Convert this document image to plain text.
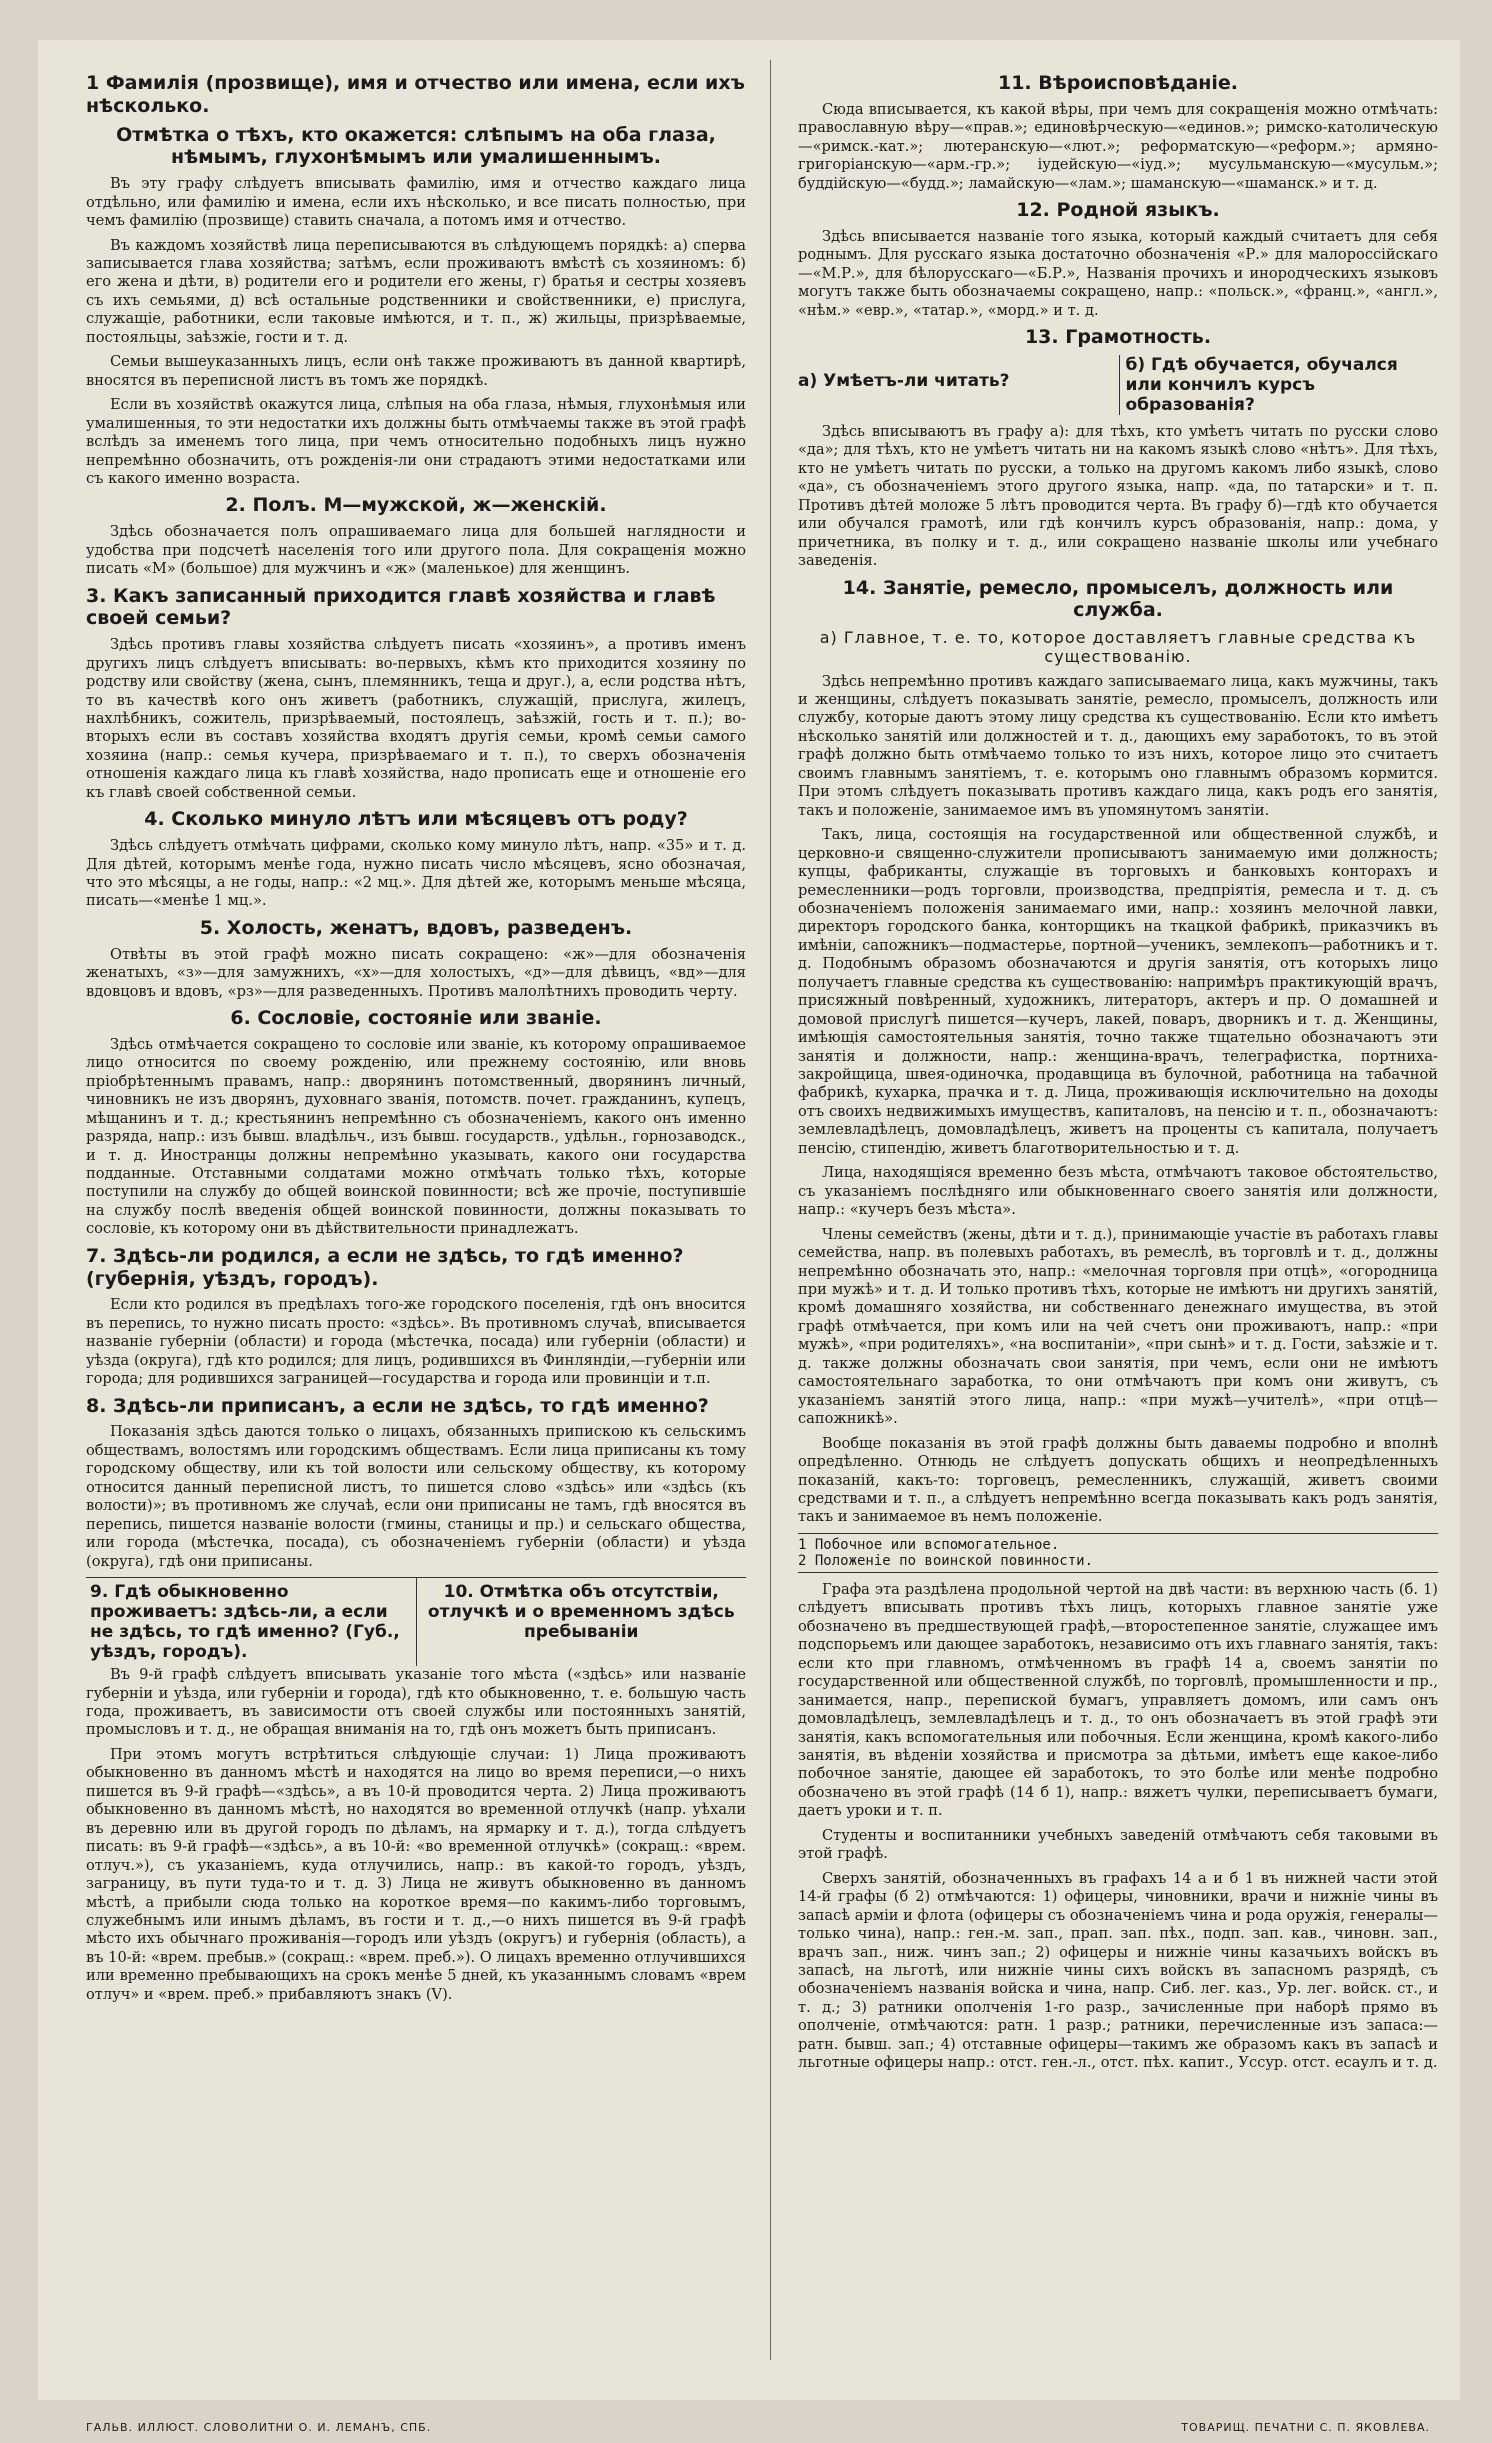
1 Фамилія (прозвище), имя и отчество или имена, если ихъ нѣсколько.
Отмѣтка о тѣхъ, кто окажется: слѣпымъ на оба глаза, нѣмымъ, глухонѣмымъ или умалишеннымъ.

Въ эту графу слѣдуетъ вписывать фамилію, имя и отчество каждаго лица отдѣльно, или фамилію и имена, если ихъ нѣсколько, и все писать полностью, при чемъ фамилію (прозвище) ставить сначала, а потомъ имя и отчество.

Въ каждомъ хозяйствѣ лица переписываются въ слѣдующемъ порядкѣ: а) сперва записывается глава хозяйства; затѣмъ, если проживаютъ вмѣстѣ съ хозяиномъ: б) его жена и дѣти, в) родители его и родители его жены, г) братья и сестры хозяевъ съ ихъ семьями, д) всѣ остальные родственники и свойственники, е) прислуга, служащіе, работники, если таковые имѣются, и т. п., ж) жильцы, призрѣваемые, постояльцы, заѣзжіе, гости и т. д.

Семьи вышеуказанныхъ лицъ, если онѣ также проживаютъ въ данной квартирѣ, вносятся въ переписной листъ въ томъ же порядкѣ.

Если въ хозяйствѣ окажутся лица, слѣпыя на оба глаза, нѣмыя, глухонѣмыя или умалишенныя, то эти недостатки ихъ должны быть отмѣчаемы также въ этой графѣ вслѣдъ за именемъ того лица, при чемъ относительно подобныхъ лицъ нужно непремѣнно обозначить, отъ рожденія-ли они страдаютъ этими недостатками или съ какого именно возраста.

2. Полъ. М—мужской, ж—женскій.

Здѣсь обозначается полъ опрашиваемаго лица для большей наглядности и удобства при подсчетѣ населенія того или другого пола. Для сокращенія можно писать «М» (большое) для мужчинъ и «ж» (маленькое) для женщинъ.

3. Какъ записанный приходится главѣ хозяйства и главѣ своей семьи?

Здѣсь противъ главы хозяйства слѣдуетъ писать «хозяинъ», а противъ именъ другихъ лицъ слѣдуетъ вписывать: во-первыхъ, кѣмъ кто приходится хозяину по родству или свойству (жена, сынъ, племянникъ, теща и друг.), а, если родства нѣтъ, то въ качествѣ кого онъ живетъ (работникъ, служащій, прислуга, жилецъ, нахлѣбникъ, сожитель, призрѣваемый, постоялецъ, заѣзжій, гость и т. п.); во-вторыхъ если въ составъ хозяйства входятъ другія семьи, кромѣ семьи самого хозяина (напр.: семья кучера, призрѣваемаго и т. п.), то сверхъ обозначенія отношенія каждаго лица къ главѣ хозяйства, надо прописать еще и отношеніе его къ главѣ своей собственной семьи.

4. Сколько минуло лѣтъ или мѣсяцевъ отъ роду?

Здѣсь слѣдуетъ отмѣчать цифрами, сколько кому минуло лѣтъ, напр. «35» и т. д. Для дѣтей, которымъ менѣе года, нужно писать число мѣсяцевъ, ясно обозначая, что это мѣсяцы, а не годы, напр.: «2 мц.». Для дѣтей же, которымъ меньше мѣсяца, писать—«менѣе 1 мц.».

5. Холость, женатъ, вдовъ, разведенъ.

Отвѣты въ этой графѣ можно писать сокращено: «ж»—для обозначенія женатыхъ, «з»—для замужнихъ, «х»—для холостыхъ, «д»—для дѣвицъ, «вд»—для вдовцовъ и вдовъ, «рз»—для разведенныхъ. Противъ малолѣтнихъ проводить черту.

6. Сословіе, состояніе или званіе.

Здѣсь отмѣчается сокращено то сословіе или званіе, къ которому опрашиваемое лицо относится по своему рожденію, или прежнему состоянію, или вновь пріобрѣтеннымъ правамъ, напр.: дворянинъ потомственный, дворянинъ личный, чиновникъ не изъ дворянъ, духовнаго званія, потомств. почет. гражданинъ, купецъ, мѣщанинъ и т. д.; крестьянинъ непремѣнно съ обозначеніемъ, какого онъ именно разряда, напр.: изъ бывш. владѣльч., изъ бывш. государств., удѣльн., горнозаводск., и т. д. Иностранцы должны непремѣнно указывать, какого они государства подданные. Отставными солдатами можно отмѣчать только тѣхъ, которые поступили на службу до общей воинской повинности; всѣ же прочіе, поступившіе на службу послѣ введенія общей воинской повинности, должны показывать то сословіе, къ которому они въ дѣйствительности принадлежатъ.

7. Здѣсь-ли родился, а если не здѣсь, то гдѣ именно? (губернія, уѣздъ, городъ).

Если кто родился въ предѣлахъ того-же городского поселенія, гдѣ онъ вносится въ перепись, то нужно писать просто: «здѣсь». Въ противномъ случаѣ, вписывается названіе губерніи (области) и города (мѣстечка, посада) или губерніи (области) и уѣзда (округа), гдѣ кто родился; для лицъ, родившихся въ Финляндіи,—губерніи или города; для родившихся заграницей—государства и города или провинціи и т.п.

8. Здѣсь-ли приписанъ, а если не здѣсь, то гдѣ именно?

Показанія здѣсь даются только о лицахъ, обязанныхъ припискою къ сельскимъ обществамъ, волостямъ или городскимъ обществамъ. Если лица приписаны къ тому городскому обществу, или къ той волости или сельскому обществу, къ которому относится данный переписной листъ, то пишется слово «здѣсь» или «здѣсь (къ волости)»; въ противномъ же случаѣ, если они приписаны не тамъ, гдѣ вносятся въ перепись, пишется названіе волости (гмины, станицы и пр.) и сельскаго общества, или города (мѣстечка, посада), съ обозначеніемъ губерніи (области) и уѣзда (округа), гдѣ они приписаны.

9. Гдѣ обыкновенно проживаетъ: здѣсь-ли, а если не здѣсь, то гдѣ именно? (Губ., уѣздъ, городъ).
10. Отмѣтка объ отсутствіи, отлучкѣ и о временномъ здѣсь пребываніи

Въ 9-й графѣ слѣдуетъ вписывать указаніе того мѣста («здѣсь» или названіе губерніи и уѣзда, или губерніи и города), гдѣ кто обыкновенно, т. е. большую часть года, проживаетъ, въ зависимости отъ своей службы или постоянныхъ занятій, промысловъ и т. д., не обращая вниманія на то, гдѣ онъ можетъ быть приписанъ.

При этомъ могутъ встрѣтиться слѣдующіе случаи: 1) Лица проживаютъ обыкновенно въ данномъ мѣстѣ и находятся на лицо во время переписи,—о нихъ пишется въ 9-й графѣ—«здѣсь», а въ 10-й проводится черта. 2) Лица проживаютъ обыкновенно въ данномъ мѣстѣ, но находятся во временной отлучкѣ (напр. уѣхали въ деревню или въ другой городъ по дѣламъ, на ярмарку и т. д.), тогда слѣдуетъ писать: въ 9-й графѣ—«здѣсь», а въ 10-й: «во временной отлучкѣ» (сокращ.: «врем. отлуч.»), съ указаніемъ, куда отлучились, напр.: въ какой-то городъ, уѣздъ, заграницу, въ пути туда-то и т. д. 3) Лица не живутъ обыкновенно въ данномъ мѣстѣ, а прибыли сюда только на короткое время—по какимъ-либо торговымъ, служебнымъ или инымъ дѣламъ, въ гости и т. д.,—о нихъ пишется въ 9-й графѣ мѣсто ихъ обычнаго проживанія—городъ или уѣздъ (округъ) и губернія (область), а въ 10-й: «врем. пребыв.» (сокращ.: «врем. преб.»). О лицахъ временно отлучившихся или временно пребывающихъ на срокъ менѣе 5 дней, къ указаннымъ словамъ «врем отлуч» и «врем. преб.» прибавляютъ знакъ (V).

11. Вѣроисповѣданіе.

Сюда вписывается, къ какой вѣры, при чемъ для сокращенія можно отмѣчать: православную вѣру—«прав.»; единовѣрческую—«единов.»; римско-католическую—«римск.-кат.»; лютеранскую—«лют.»; реформатскую—«реформ.»; армяно-григоріанскую—«арм.-гр.»; іудейскую—«іуд.»; мусульманскую—«мусульм.»; буддійскую—«будд.»; ламайскую—«лам.»; шаманскую—«шаманск.» и т. д.

12. Родной языкъ.

Здѣсь вписывается названіе того языка, который каждый считаетъ для себя роднымъ. Для русскаго языка достаточно обозначенія «Р.» для малороссійскаго—«М.Р.», для бѣлорусскаго—«Б.Р.», Названія прочихъ и инородческихъ языковъ могутъ также быть обозначаемы сокращено, напр.: «польск.», «франц.», «англ.», «нѣм.» «евр.», «татар.», «морд.» и т. д.

13. Грамотность.
а) Умѣетъ-ли читать?
б) Гдѣ обучается, обучался или кончилъ курсъ образованія?

Здѣсь вписываютъ въ графу а): для тѣхъ, кто умѣетъ читать по русски слово «да»; для тѣхъ, кто не умѣетъ читать ни на какомъ языкѣ слово «нѣтъ». Для тѣхъ, кто не умѣетъ читать по русски, а только на другомъ какомъ либо языкѣ, слово «да», съ обозначеніемъ этого другого языка, напр. «да, по татарски» и т. п. Противъ дѣтей моложе 5 лѣтъ проводится черта. Въ графу б)—гдѣ кто обучается или обучался грамотѣ, или гдѣ кончилъ курсъ образованія, напр.: дома, у причетника, въ полку и т. д., или сокращено названіе школы или учебнаго заведенія.

14. Занятіе, ремесло, промыселъ, должность или служба.
а) Главное, т. е. то, которое доставляетъ главные средства къ существованію.

Здѣсь непремѣнно противъ каждаго записываемаго лица, какъ мужчины, такъ и женщины, слѣдуетъ показывать занятіе, ремесло, промыселъ, должность или службу, которые даютъ этому лицу средства къ существованію. Если кто имѣетъ нѣсколько занятій или должностей и т. д., дающихъ ему заработокъ, то въ этой графѣ должно быть отмѣчаемо только то изъ нихъ, которое лицо это считаетъ своимъ главнымъ занятіемъ, т. е. которымъ оно главнымъ образомъ кормится. При этомъ слѣдуетъ показывать противъ каждаго лица, какъ родъ его занятія, такъ и положеніе, занимаемое имъ въ упомянутомъ занятіи.

Такъ, лица, состоящія на государственной или общественной службѣ, и церковно-и священно-служители прописываютъ занимаемую ими должность; купцы, фабриканты, служащіе въ торговыхъ и банковыхъ конторахъ и ремесленники—родъ торговли, производства, предпріятія, ремесла и т. д. съ обозначеніемъ положенія занимаемаго ими, напр.: хозяинъ мелочной лавки, директоръ городского банка, конторщикъ на ткацкой фабрикѣ, приказчикъ въ имѣніи, сапожникъ—подмастерье, портной—ученикъ, землекопъ—работникъ и т. д. Подобнымъ образомъ обозначаются и другія занятія, отъ которыхъ лицо получаетъ главные средства къ существованію: напримѣръ практикующій врачъ, присяжный повѣренный, художникъ, литераторъ, актеръ и пр. О домашней и домовой прислугѣ пишется—кучеръ, лакей, поваръ, дворникъ и т. д. Женщины, имѣющія самостоятельныя занятія, точно также тщательно обозначаютъ эти занятія и должности, напр.: женщина-врачъ, телеграфистка, портниха-закройщица, швея-одиночка, продавщица въ булочной, работница на табачной фабрикѣ, кухарка, прачка и т. д. Лица, проживающія исключительно на доходы отъ своихъ недвижимыхъ имуществъ, капиталовъ, на пенсію и т. п., обозначаютъ: землевладѣлецъ, домовладѣлецъ, живетъ на проценты съ капитала, получаетъ пенсію, стипендію, живетъ благотворительностью и т. д.

Лица, находящіяся временно безъ мѣста, отмѣчаютъ таковое обстоятельство, съ указаніемъ послѣдняго или обыкновеннаго своего занятія или должности, напр.: «кучеръ безъ мѣста».

Члены семействъ (жены, дѣти и т. д.), принимающіе участіе въ работахъ главы семейства, напр. въ полевыхъ работахъ, въ ремеслѣ, въ торговлѣ и т. д., должны непремѣнно обозначать это, напр.: «мелочная торговля при отцѣ», «огородница при мужѣ» и т. д. И только противъ тѣхъ, которые не имѣютъ ни другихъ занятій, кромѣ домашняго хозяйства, ни собственнаго денежнаго имущества, въ этой графѣ отмѣчается, при комъ или на чей счетъ они проживаютъ, напр.: «при мужѣ», «при родителяхъ», «на воспитаніи», «при сынѣ» и т. д. Гости, заѣзжіе и т. д. также должны обозначать свои занятія, при чемъ, если они не имѣютъ самостоятельнаго заработка, то они отмѣчаютъ при комъ они живутъ, съ указаніемъ занятій этого лица, напр.: «при мужѣ—учителѣ», «при отцѣ—сапожникѣ».

Вообще показанія въ этой графѣ должны быть даваемы подробно и вполнѣ опредѣленно. Отнюдь не слѣдуетъ допускать общихъ и неопредѣленныхъ показаній, какъ-то: торговецъ, ремесленникъ, служащій, живетъ своими средствами и т. п., а слѣдуетъ непремѣнно всегда показывать какъ родъ занятія, такъ и занимаемое въ немъ положеніе.

1 Побочное или вспомогательное.
2 Положеніе по воинской повинности.

Графа эта раздѣлена продольной чертой на двѣ части: въ верхнюю часть (б. 1) слѣдуетъ вписывать противъ тѣхъ лицъ, которыхъ главное занятіе уже обозначено въ предшествующей графѣ,—второстепенное занятіе, служащее имъ подспорьемъ или дающее заработокъ, независимо отъ ихъ главнаго занятія, такъ: если кто при главномъ, отмѣченномъ въ графѣ 14 а, своемъ занятіи по государственной или общественной службѣ, по торговлѣ, промышленности и пр., занимается, напр., перепиской бумагъ, управляетъ домомъ, или самъ онъ домовладѣлецъ, землевладѣлецъ и т. д., то онъ обозначаетъ въ этой графѣ эти занятія, какъ вспомогательныя или побочныя. Если женщина, кромѣ какого-либо занятія, въ вѣденіи хозяйства и присмотра за дѣтьми, имѣетъ еще какое-либо побочное занятіе, дающее ей заработокъ, то это болѣе или менѣе подробно обозначено въ этой графѣ (14 б 1), напр.: вяжетъ чулки, переписываетъ бумаги, даетъ уроки и т. п.

Студенты и воспитанники учебныхъ заведеній отмѣчаютъ себя таковыми въ этой графѣ.

Сверхъ занятій, обозначенныхъ въ графахъ 14 а и б 1 въ нижней части этой 14-й графы (б 2) отмѣчаются: 1) офицеры, чиновники, врачи и нижніе чины въ запасѣ арміи и флота (офицеры съ обозначеніемъ чина и рода оружія, генералы—только чина), напр.: ген.-м. зап., прап. зап. пѣх., подп. зап. кав., чиновн. зап., врачъ зап., ниж. чинъ зап.; 2) офицеры и нижніе чины казачьихъ войскъ въ запасѣ, на льготѣ, или нижніе чины сихъ войскъ въ запасномъ разрядѣ, съ обозначеніемъ названія войска и чина, напр. Сиб. лег. каз., Ур. лег. войск. ст., и т. д.; 3) ратники ополченія 1-го разр., зачисленные при наборѣ прямо въ ополченіе, отмѣчаются: ратн. 1 разр.; ратники, перечисленные изъ запаса:—ратн. бывш. зап.; 4) отставные офицеры—такимъ же образомъ какъ въ запасѣ и льготные офицеры напр.: отст. ген.-л., отст. пѣх. капит., Уссур. отст. есаулъ и т. д.

ГАЛЬВ. ИЛЛЮСТ. СЛОВОЛИТНИ О. И. ЛЕМАНЪ, СПБ.	ТОВАРИЩ. ПЕЧАТНИ С. П. ЯКОВЛЕВА.
